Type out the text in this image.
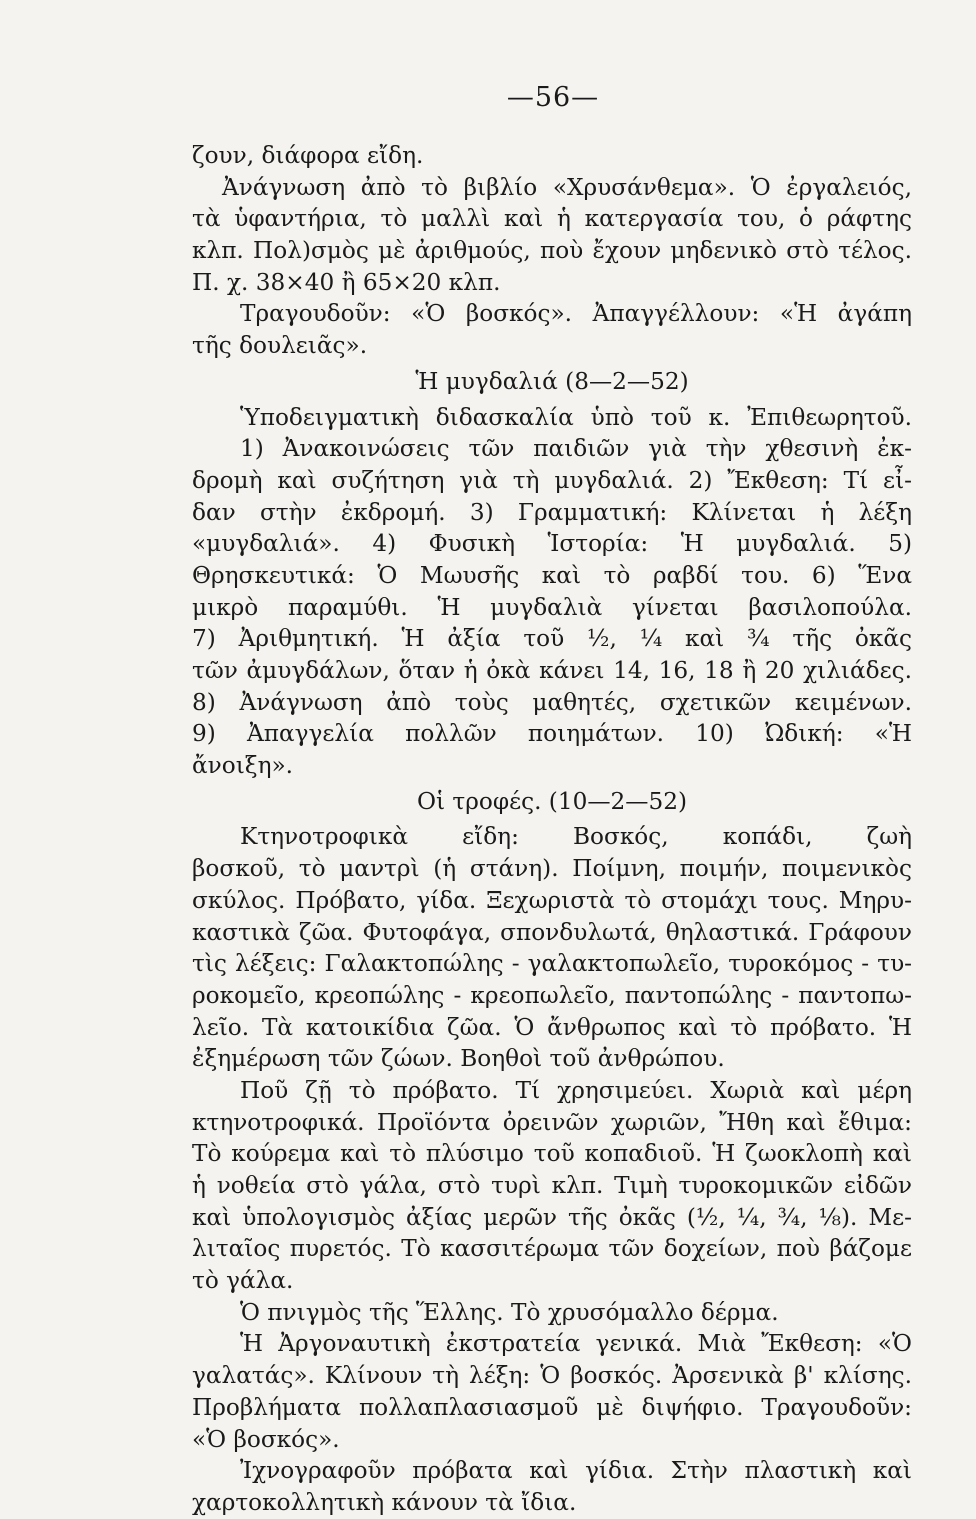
—56—
ζουν, διάφορα εἴδη.
Ἀνάγνωση ἀπὸ τὸ βιβλίο «Χρυσάνθεμα». Ὁ ἐργαλειός,
τὰ ὑφαντήρια, τὸ μαλλὶ καὶ ἡ κατεργασία του, ὁ ράφτης
κλπ. Πολ)σμὸς μὲ ἀριθμούς, ποὺ ἔχουν μηδενικὸ στὸ τέλος.
Π. χ. 38×40 ἢ 65×20 κλπ.
Τραγουδοῦν: «Ὁ βοσκός». Ἀπαγγέλλουν: «Ἡ ἀγάπη
τῆς δουλειᾶς».
Ἡ μυγδαλιά (8—2—52)
Ὑποδειγματικὴ διδασκαλία ὑπὸ τοῦ κ. Ἐπιθεωρητοῦ.
1) Ἀνακοινώσεις τῶν παιδιῶν γιὰ τὴν χθεσινὴ ἐκ-
δρομὴ καὶ συζήτηση γιὰ τὴ μυγδαλιά. 2) Ἔκθεση: Τί εἶ-
δαν στὴν ἐκδρομή. 3) Γραμματική: Κλίνεται ἡ λέξη
«μυγδαλιά». 4) Φυσικὴ Ἱστορία: Ἡ μυγδαλιά. 5)
Θρησκευτικά: Ὁ Μωυσῆς καὶ τὸ ραβδί του. 6) Ἕνα
μικρὸ παραμύθι. Ἡ μυγδαλιὰ γίνεται βασιλοπούλα.
7) Ἀριθμητική. Ἡ ἀξία τοῦ ½, ¼ καὶ ¾ τῆς ὀκᾶς
τῶν ἀμυγδάλων, ὅταν ἡ ὀκὰ κάνει 14, 16, 18 ἢ 20 χιλιάδες.
8) Ἀνάγνωση ἀπὸ τοὺς μαθητές, σχετικῶν κειμένων.
9) Ἀπαγγελία πολλῶν ποιημάτων. 10) Ὠδική: «Ἡ
ἄνοιξη».
Οἱ τροφές. (10—2—52)
Κτηνοτροφικὰ εἴδη: Βοσκός, κοπάδι, ζωὴ
βοσκοῦ, τὸ μαντρὶ (ἡ στάνη). Ποίμνη, ποιμήν, ποιμενικὸς
σκύλος. Πρόβατο, γίδα. Ξεχωριστὰ τὸ στομάχι τους. Μηρυ-
καστικὰ ζῶα. Φυτοφάγα, σπονδυλωτά, θηλαστικά. Γράφουν
τὶς λέξεις: Γαλακτοπώλης - γαλακτοπωλεῖο, τυροκόμος - τυ-
ροκομεῖο, κρεοπώλης - κρεοπωλεῖο, παντοπώλης - παντοπω-
λεῖο. Τὰ κατοικίδια ζῶα. Ὁ ἄνθρωπος καὶ τὸ πρόβατο. Ἡ
ἐξημέρωση τῶν ζώων. Βοηθοὶ τοῦ ἀνθρώπου.
Ποῦ ζῇ τὸ πρόβατο. Τί χρησιμεύει. Χωριὰ καὶ μέρη
κτηνοτροφικά. Προϊόντα ὀρεινῶν χωριῶν, Ἤθη καὶ ἔθιμα:
Τὸ κούρεμα καὶ τὸ πλύσιμο τοῦ κοπαδιοῦ. Ἡ ζωοκλοπὴ καὶ
ἡ νοθεία στὸ γάλα, στὸ τυρὶ κλπ. Τιμὴ τυροκομικῶν εἰδῶν
καὶ ὑπολογισμὸς ἀξίας μερῶν τῆς ὀκᾶς (½, ¼, ¾, ⅛). Με-
λιταῖος πυρετός. Τὸ κασσιτέρωμα τῶν δοχείων, ποὺ βάζομε
τὸ γάλα.
Ὁ πνιγμὸς τῆς Ἕλλης. Τὸ χρυσόμαλλο δέρμα.
Ἡ Ἀργοναυτικὴ ἐκστρατεία γενικά. Μιὰ Ἔκθεση: «Ὁ
γαλατάς». Κλίνουν τὴ λέξη: Ὁ βοσκός. Ἀρσενικὰ β' κλίσης.
Προβλήματα πολλαπλασιασμοῦ μὲ διψήφιο. Τραγουδοῦν:
«Ὁ βοσκός».
Ἰχνογραφοῦν πρόβατα καὶ γίδια. Στὴν πλαστικὴ καὶ
χαρτοκολλητικὴ κάνουν τὰ ἴδια.
